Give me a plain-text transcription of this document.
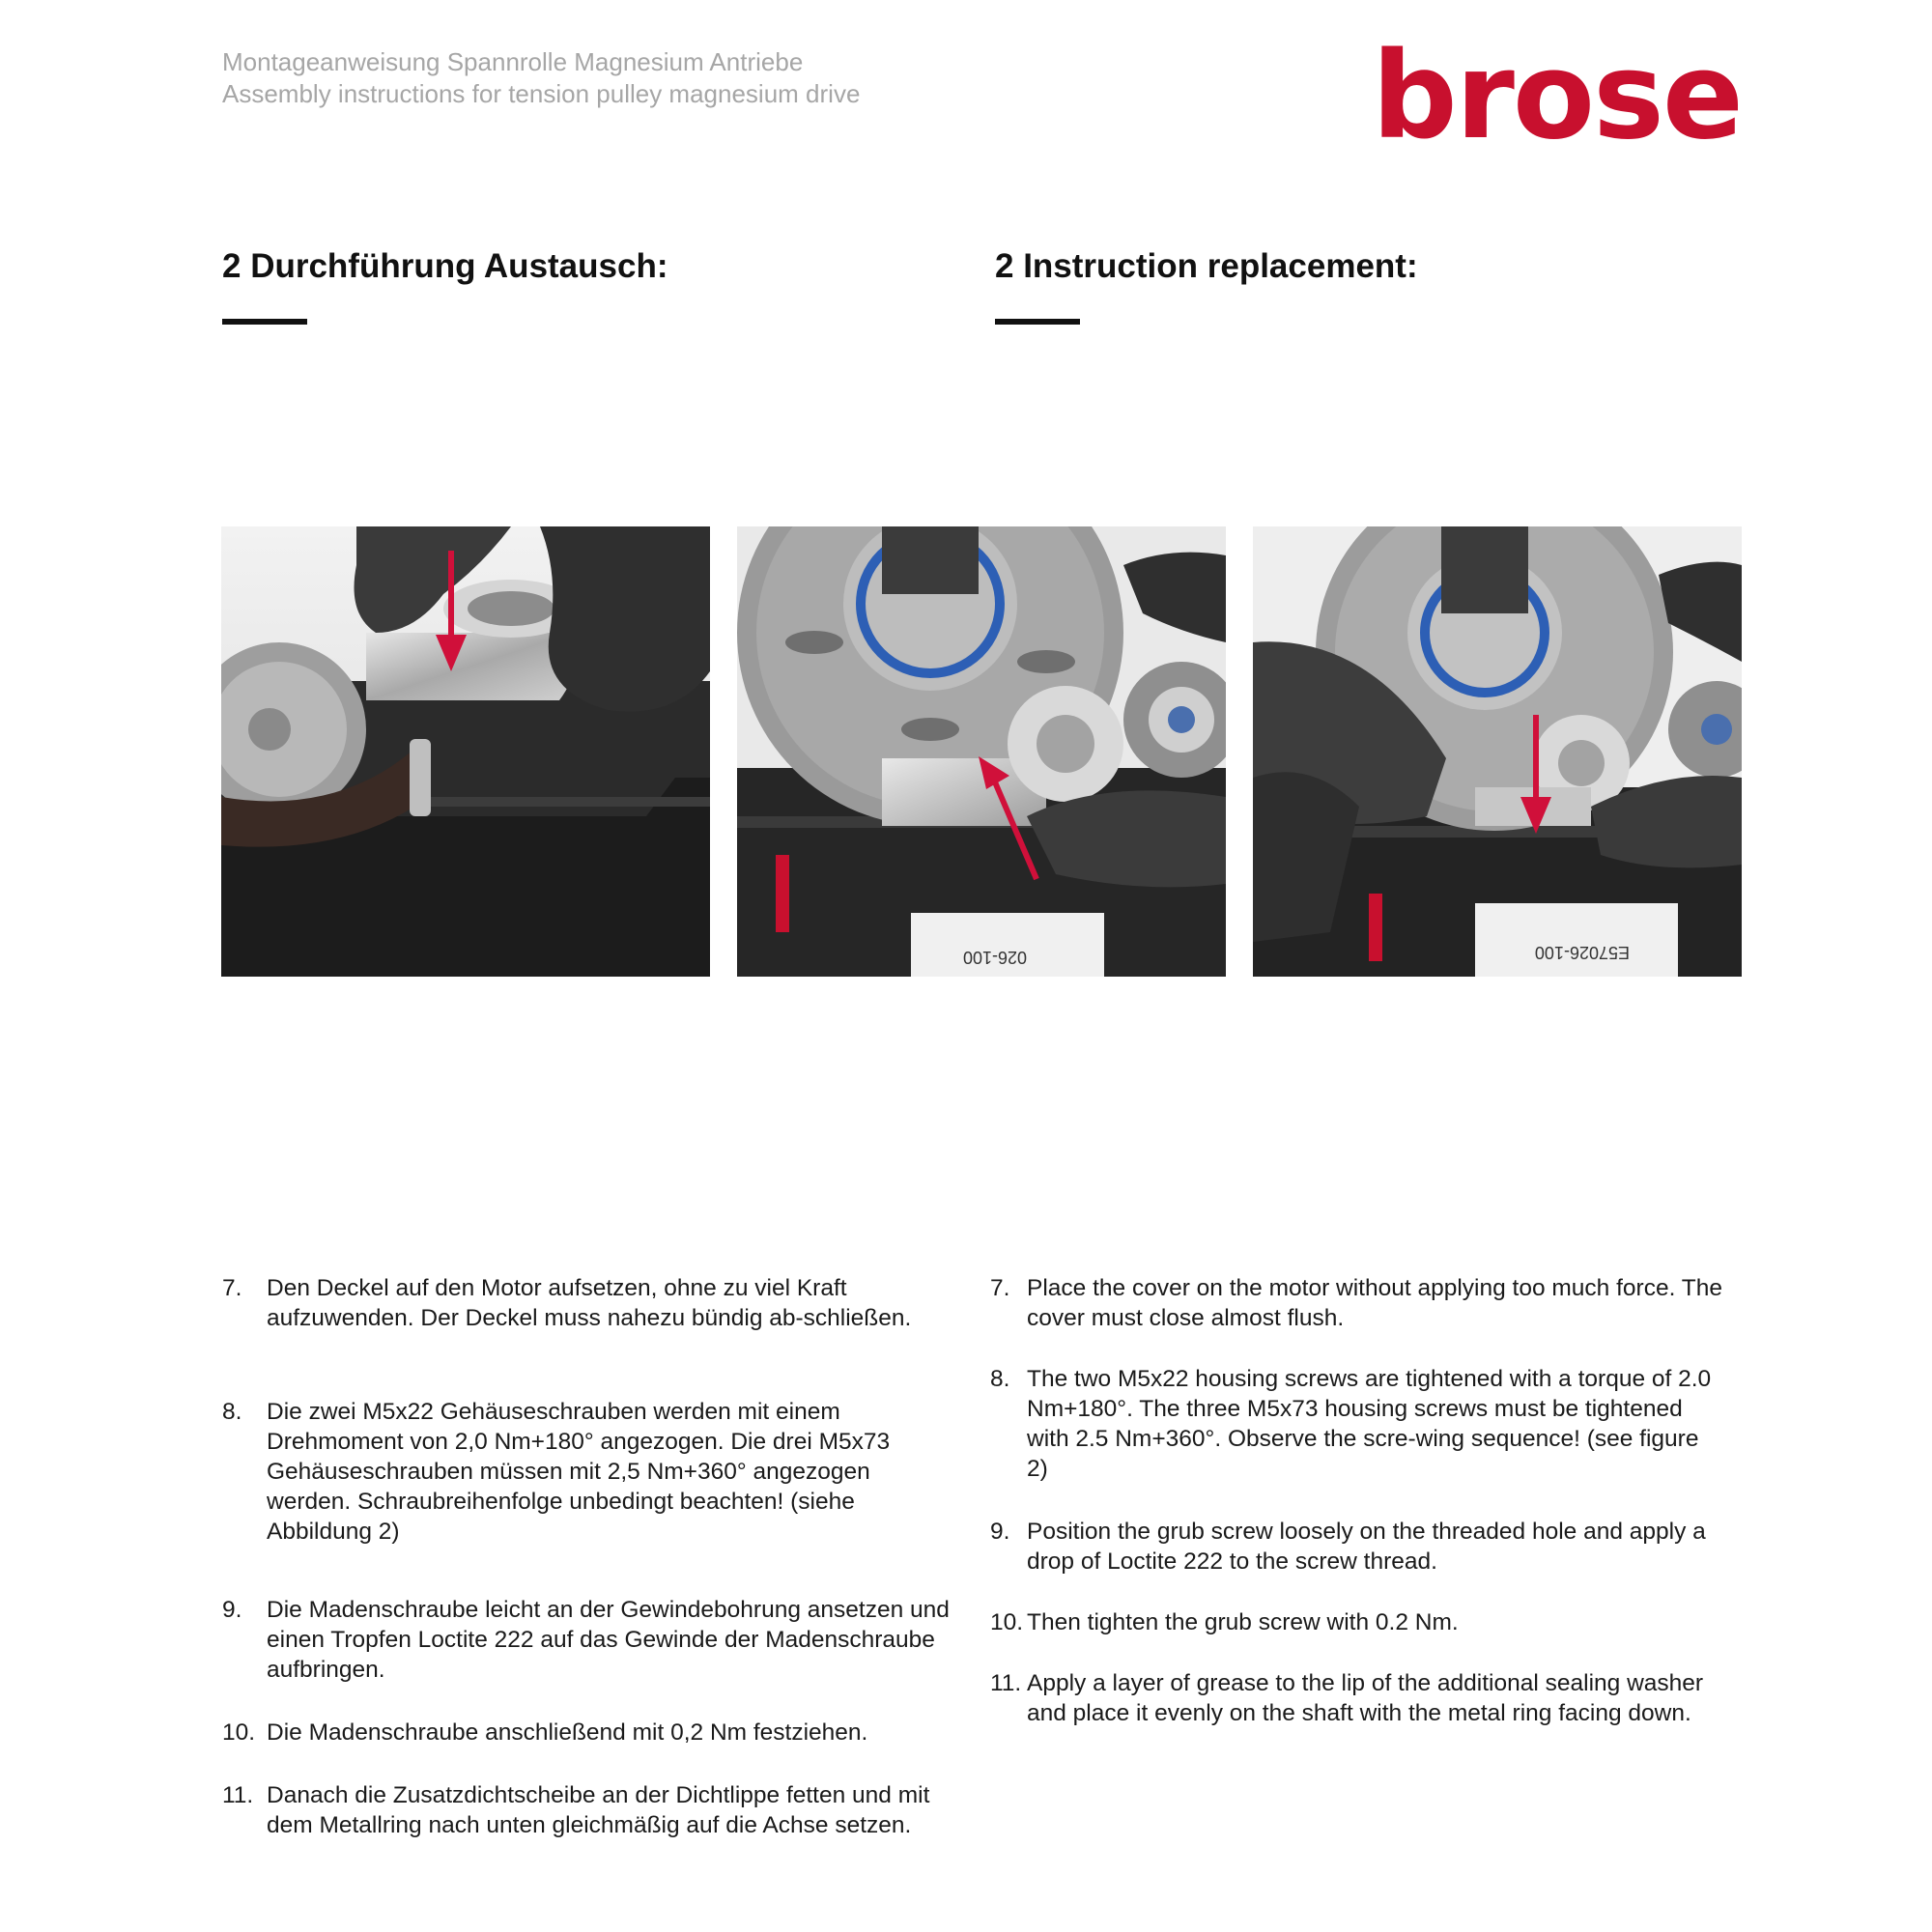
Montageanweisung Spannrolle Magnesium Antriebe
Assembly instructions for tension pulley magnesium drive	brose
2 Durchführung Austausch:	2 Instruction replacement:
026-100	E57026-100
7.	Den Deckel auf den Motor aufsetzen, ohne zu viel Kraft aufzuwenden. Der Deckel muss nahezu bündig ab-schließen.
8.	Die zwei M5x22 Gehäuseschrauben werden mit einem Drehmoment von 2,0 Nm+180° angezogen. Die drei M5x73 Gehäuseschrauben müssen mit 2,5 Nm+360° angezogen werden. Schraubreihenfolge unbedingt beachten! (siehe Abbildung 2)
9.	Die Madenschraube leicht an der Gewindebohrung ansetzen und einen Tropfen Loctite 222 auf das Gewinde der Madenschraube aufbringen.
10. Die Madenschraube anschließend mit 0,2 Nm festziehen.
11. Danach die Zusatzdichtscheibe an der Dichtlippe fetten und mit dem Metallring nach unten gleichmäßig auf die Achse setzen.
7. Place the cover on the motor without applying too much force. The cover must close almost flush.
8. The two M5x22 housing screws are tightened with a torque of 2.0 Nm+180°. The three M5x73 housing screws must be tightened with 2.5 Nm+360°. Observe the scre-wing sequence! (see figure 2)
9. Position the grub screw loosely on the threaded hole and apply a drop of Loctite 222 to the screw thread.
10. Then tighten the grub screw with 0.2 Nm.
11. Apply a layer of grease to the lip of the additional sealing washer and place it evenly on the shaft with the metal ring facing down.
